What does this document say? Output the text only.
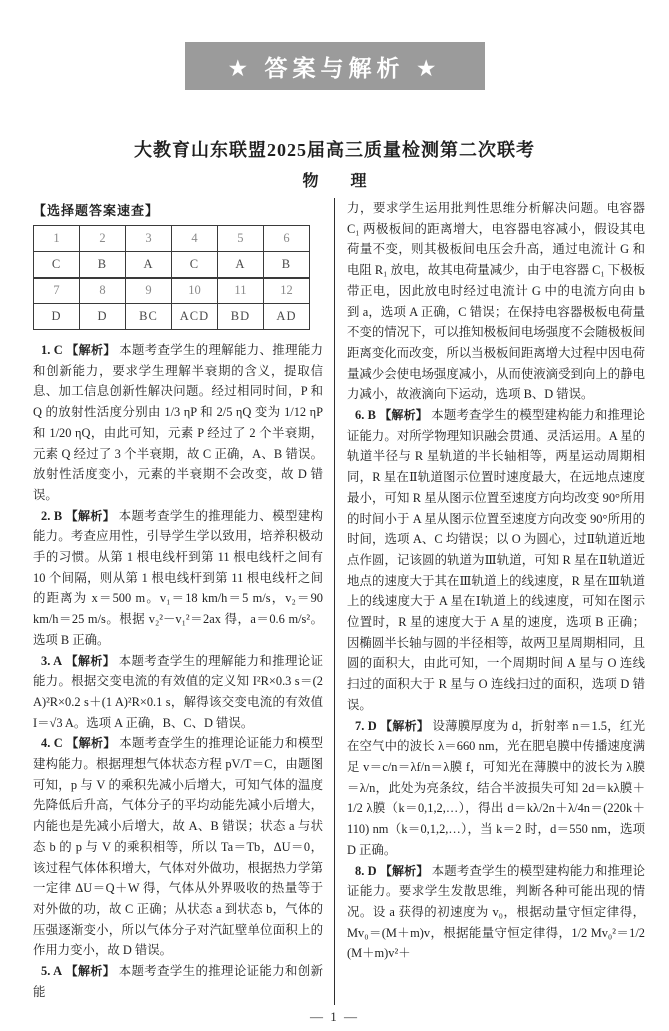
★ 答案与解析 ★
大教育山东联盟2025届高三质量检测第二次联考
物　　理
【选择题答案速查】
1	2	3	4	5	6
C	B	A	C	A	B
7	8	9	10	11	12
D	D	BC	ACD	BD	AD

1. C 【解析】 本题考查学生的理解能力、推理能力和创新能力，要求学生理解半衰期的含义，提取信息、加工信息创新性解决问题。经过相同时间，P 和 Q 的放射性活度分别由 1/3 ηP 和 2/5 ηQ 变为 1/12 ηP 和 1/20 ηQ，由此可知，元素 P 经过了 2 个半衰期，元素 Q 经过了 3 个半衰期，故 C 正确，A、B 错误。放射性活度变小，元素的半衰期不会改变，故 D 错误。

2. B 【解析】 本题考查学生的推理能力、模型建构能力。考查应用性，引导学生学以致用，培养积极动手的习惯。从第 1 根电线杆到第 11 根电线杆之间有 10 个间隔，则从第 1 根电线杆到第 11 根电线杆之间的距离为 x＝500 m。v₁＝18 km/h＝5 m/s，v₂＝90 km/h＝25 m/s。根据 v₂²－v₁²＝2ax 得，a＝0.6 m/s²。选项 B 正确。

3. A 【解析】 本题考查学生的理解能力和推理论证能力。根据交变电流的有效值的定义知 I²R×0.3 s＝(2 A)²R×0.2 s＋(1 A)²R×0.1 s，解得该交变电流的有效值 I＝√3 A。选项 A 正确，B、C、D 错误。

4. C 【解析】 本题考查学生的推理论证能力和模型建构能力。根据理想气体状态方程 pV/T＝C，由题图可知，p 与 V 的乘积先减小后增大，可知气体的温度先降低后升高，气体分子的平均动能先减小后增大，内能也是先减小后增大，故 A、B 错误；状态 a 与状态 b 的 p 与 V 的乘积相等，所以 Ta＝Tb，ΔU＝0，该过程气体体积增大，气体对外做功，根据热力学第一定律 ΔU＝Q＋W 得，气体从外界吸收的热量等于对外做的功，故 C 正确；从状态 a 到状态 b，气体的压强逐渐变小，所以气体分子对汽缸壁单位面积上的作用力变小，故 D 错误。

5. A 【解析】 本题考查学生的推理论证能力和创新能

力，要求学生运用批判性思维分析解决问题。电容器 C₁ 两极板间的距离增大，电容器电容减小，假设其电荷量不变，则其极板间电压会升高，通过电流计 G 和电阻 R₁ 放电，故其电荷量减少，由于电容器 C₁ 下极板带正电，因此放电时经过电流计 G 中的电流方向由 b 到 a，选项 A 正确，C 错误；在保持电容器极板电荷量不变的情况下，可以推知极板间电场强度不会随极板间距离变化而改变，所以当极板间距离增大过程中因电荷量减少会使电场强度减小，从而使液滴受到向上的静电力减小，故液滴向下运动，选项 B、D 错误。

6. B 【解析】 本题考查学生的模型建构能力和推理论证能力。对所学物理知识融会贯通、灵活运用。A 星的轨道半径与 R 星轨道的半长轴相等，两星运动周期相同，R 星在Ⅱ轨道图示位置时速度最大，在远地点速度最小，可知 R 星从图示位置至速度方向均改变 90°所用的时间小于 A 星从图示位置至速度方向改变 90°所用的时间，选项 A、C 均错误；以 O 为圆心，过Ⅱ轨道近地点作圆，记该圆的轨道为Ⅲ轨道，可知 R 星在Ⅱ轨道近地点的速度大于其在Ⅲ轨道上的线速度，R 星在Ⅲ轨道上的线速度大于 A 星在Ⅰ轨道上的线速度，可知在图示位置时，R 星的速度大于 A 星的速度，选项 B 正确；因椭圆半长轴与圆的半径相等，故两卫星周期相同，且圆的面积大，由此可知，一个周期时间 A 星与 O 连线扫过的面积大于 R 星与 O 连线扫过的面积，选项 D 错误。

7. D 【解析】 设薄膜厚度为 d，折射率 n＝1.5，红光在空气中的波长 λ＝660 nm，光在肥皂膜中传播速度满足 v＝c/n＝λf/n＝λ膜 f，可知光在薄膜中的波长为 λ膜＝λ/n，此处为亮条纹，结合半波损失可知 2d＝kλ膜＋1/2 λ膜（k＝0,1,2,…），得出 d＝kλ/2n＋λ/4n＝(220k＋110) nm（k＝0,1,2,…），当 k＝2 时，d＝550 nm，选项 D 正确。

8. D 【解析】 本题考查学生的模型建构能力和推理论证能力。要求学生发散思维，判断各种可能出现的情况。设 a 获得的初速度为 v₀，根据动量守恒定律得，Mv₀＝(M＋m)v，根据能量守恒定律得，1/2 Mv₀²＝1/2 (M＋m)v²＋

— 1 —
